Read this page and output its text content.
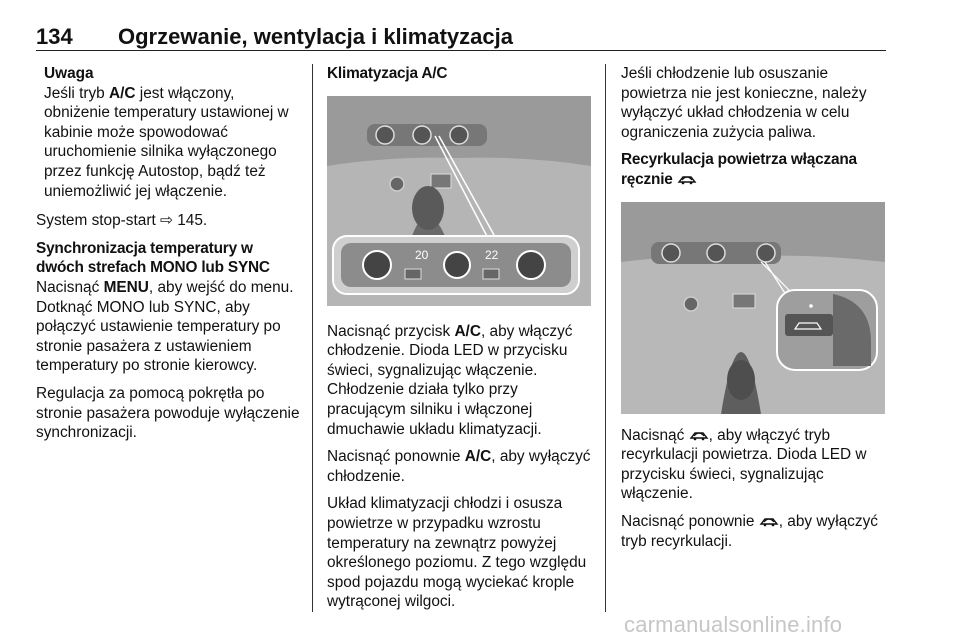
134 Ogrzewanie, wentylacja i klimatyzacja
Uwaga
Jeśli tryb A/C jest włączony, obniżenie temperatury ustawionej w kabinie może spowodować uruchomienie silnika wyłączonego przez funkcję Autostop, bądź też uniemożliwić jej włączenie.

System stop-start ⇨ 145.

Synchronizacja temperatury w dwóch strefach MONO lub SYNC

Nacisnąć MENU, aby wejść do menu. Dotknąć MONO lub SYNC, aby połączyć ustawienie temperatury po stronie pasażera z ustawieniem temperatury po stronie kierowcy.

Regulacja za pomocą pokrętła po stronie pasażera powoduje wyłączenie synchronizacji.

Klimatyzacja A/C
20	22

Nacisnąć przycisk A/C, aby włączyć chłodzenie. Dioda LED w przycisku świeci, sygnalizując włączenie. Chłodzenie działa tylko przy pracującym silniku i włączonej dmuchawie układu klimatyzacji.

Nacisnąć ponownie A/C, aby wyłączyć chłodzenie.

Układ klimatyzacji chłodzi i osusza powietrze w przypadku wzrostu temperatury na zewnątrz powyżej określonego poziomu. Z tego względu spod pojazdu mogą wyciekać krople wytrąconej wilgoci.

Jeśli chłodzenie lub osuszanie powietrza nie jest konieczne, należy wyłączyć układ chłodzenia w celu ograniczenia zużycia paliwa.

Recyrkulacja powietrza włączana ręcznie

Nacisnąć , aby włączyć tryb recyrkulacji powietrza. Dioda LED w przycisku świeci, sygnalizując włączenie.

Nacisnąć ponownie , aby wyłączyć tryb recyrkulacji.

carmanualsonline.info
